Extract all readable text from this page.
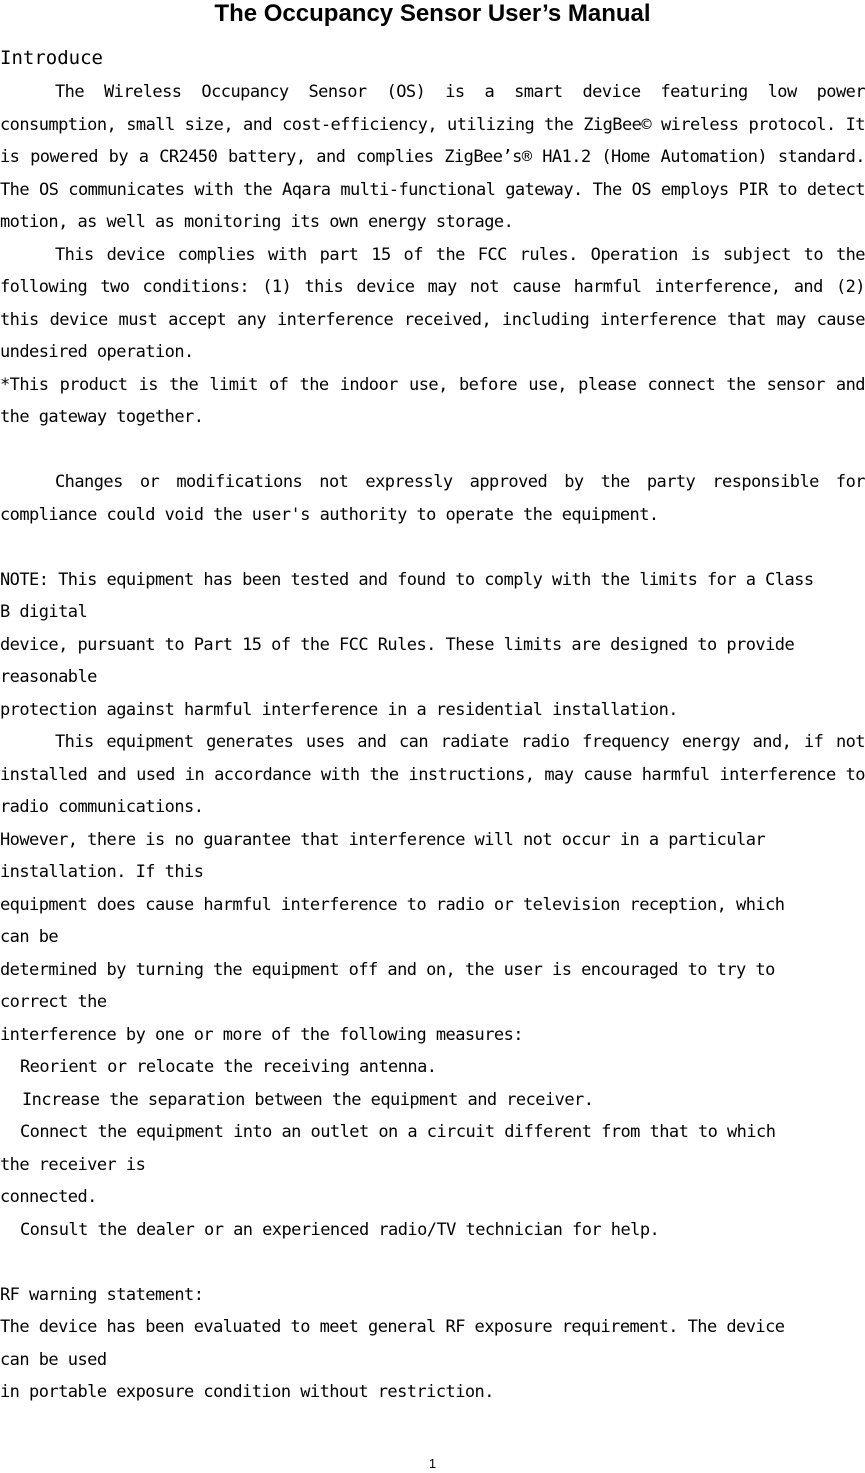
The Occupancy Sensor User’s Manual
Introduce

The Wireless Occupancy Sensor (OS) is a smart device featuring low power consumption, small size, and cost-efficiency, utilizing the ZigBee© wireless protocol. It is powered by a CR2450 battery, and complies ZigBee’s® HA1.2 (Home Automation) standard. The OS communicates with the Aqara multi-functional gateway. The OS employs PIR to detect motion, as well as monitoring its own energy storage.

This device complies with part 15 of the FCC rules. Operation is subject to the following two conditions: (1) this device may not cause harmful interference, and (2) this device must accept any interference received, including interference that may cause undesired operation.

*This product is the limit of the indoor use, before use, please connect the sensor and the gateway together.

Changes or modifications not expressly approved by the party responsible for compliance could void the user's authority to operate the equipment.

NOTE: This equipment has been tested and found to comply with the limits for a Class

B digital

device, pursuant to Part 15 of the FCC Rules. These limits are designed to provide

reasonable

protection against harmful interference in a residential installation.

This equipment generates uses and can radiate radio frequency energy and, if not installed and used in accordance with the instructions, may cause harmful interference to radio communications.

However, there is no guarantee that interference will not occur in a particular

installation. If this

equipment does cause harmful interference to radio or television reception, which

can be

determined by turning the equipment off and on, the user is encouraged to try to

correct the

interference by one or more of the following measures:

Reorient or relocate the receiving antenna.

Increase the separation between the equipment and receiver.

Connect the equipment into an outlet on a circuit different from that to which

the receiver is

connected.

Consult the dealer or an experienced radio/TV technician for help.

RF warning statement:

The device has been evaluated to meet general RF exposure requirement. The device

can be used

in portable exposure condition without restriction.

1
